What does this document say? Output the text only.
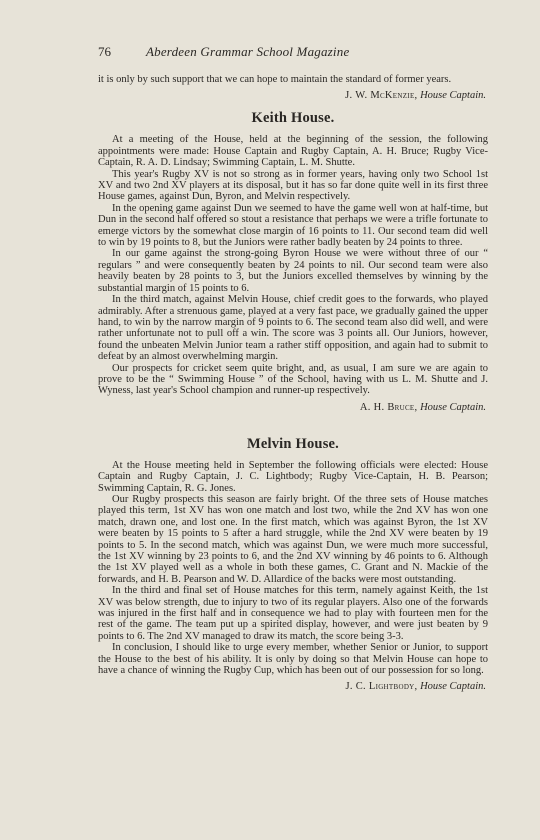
76	Aberdeen Grammar School Magazine

it is only by such support that we can hope to maintain the standard of former years.

J. W. McKenzie, House Captain.
Keith House.

At a meeting of the House, held at the beginning of the session, the following appointments were made: House Captain and Rugby Captain, A. H. Bruce; Rugby Vice-Captain, R. A. D. Lindsay; Swimming Captain, L. M. Shutte.

This year's Rugby XV is not so strong as in former years, having only two School 1st XV and two 2nd XV players at its disposal, but it has so far done quite well in its first three House games, against Dun, Byron, and Melvin respectively.

In the opening game against Dun we seemed to have the game well won at half-time, but Dun in the second half offered so stout a resistance that perhaps we were a trifle fortunate to emerge victors by the somewhat close margin of 16 points to 11. Our second team did well to win by 19 points to 8, but the Juniors were rather badly beaten by 24 points to three.

In our game against the strong-going Byron House we were without three of our “ regulars ” and were consequently beaten by 24 points to nil. Our second team were also heavily beaten by 28 points to 3, but the Juniors excelled themselves by winning by the substantial margin of 15 points to 6.

In the third match, against Melvin House, chief credit goes to the forwards, who played admirably. After a strenuous game, played at a very fast pace, we gradually gained the upper hand, to win by the narrow margin of 9 points to 6. The second team also did well, and were rather unfortunate not to pull off a win. The score was 3 points all. Our Juniors, however, found the unbeaten Melvin Junior team a rather stiff opposition, and again had to submit to defeat by an almost overwhelming margin.

Our prospects for cricket seem quite bright, and, as usual, I am sure we are again to prove to be the “ Swimming House ” of the School, having with us L. M. Shutte and J. Wyness, last year's School champion and runner-up respectively.

A. H. Bruce, House Captain.
Melvin House.

At the House meeting held in September the following officials were elected: House Captain and Rugby Captain, J. C. Lightbody; Rugby Vice-Captain, H. B. Pearson; Swimming Captain, R. G. Jones.

Our Rugby prospects this season are fairly bright. Of the three sets of House matches played this term, 1st XV has won one match and lost two, while the 2nd XV has won one match, drawn one, and lost one. In the first match, which was against Byron, the 1st XV were beaten by 15 points to 5 after a hard struggle, while the 2nd XV were beaten by 19 points to 5. In the second match, which was against Dun, we were much more successful, the 1st XV winning by 23 points to 6, and the 2nd XV winning by 46 points to 6. Although the 1st XV played well as a whole in both these games, C. Grant and N. Mackie of the forwards, and H. B. Pearson and W. D. Allardice of the backs were most outstanding.

In the third and final set of House matches for this term, namely against Keith, the 1st XV was below strength, due to injury to two of its regular players. Also one of the forwards was injured in the first half and in consequence we had to play with fourteen men for the rest of the game. The team put up a spirited display, however, and were just beaten by 9 points to 6. The 2nd XV managed to draw its match, the score being 3-3.

In conclusion, I should like to urge every member, whether Senior or Junior, to support the House to the best of his ability. It is only by doing so that Melvin House can hope to have a chance of winning the Rugby Cup, which has been out of our possession for so long.

J. C. Lightbody, House Captain.
